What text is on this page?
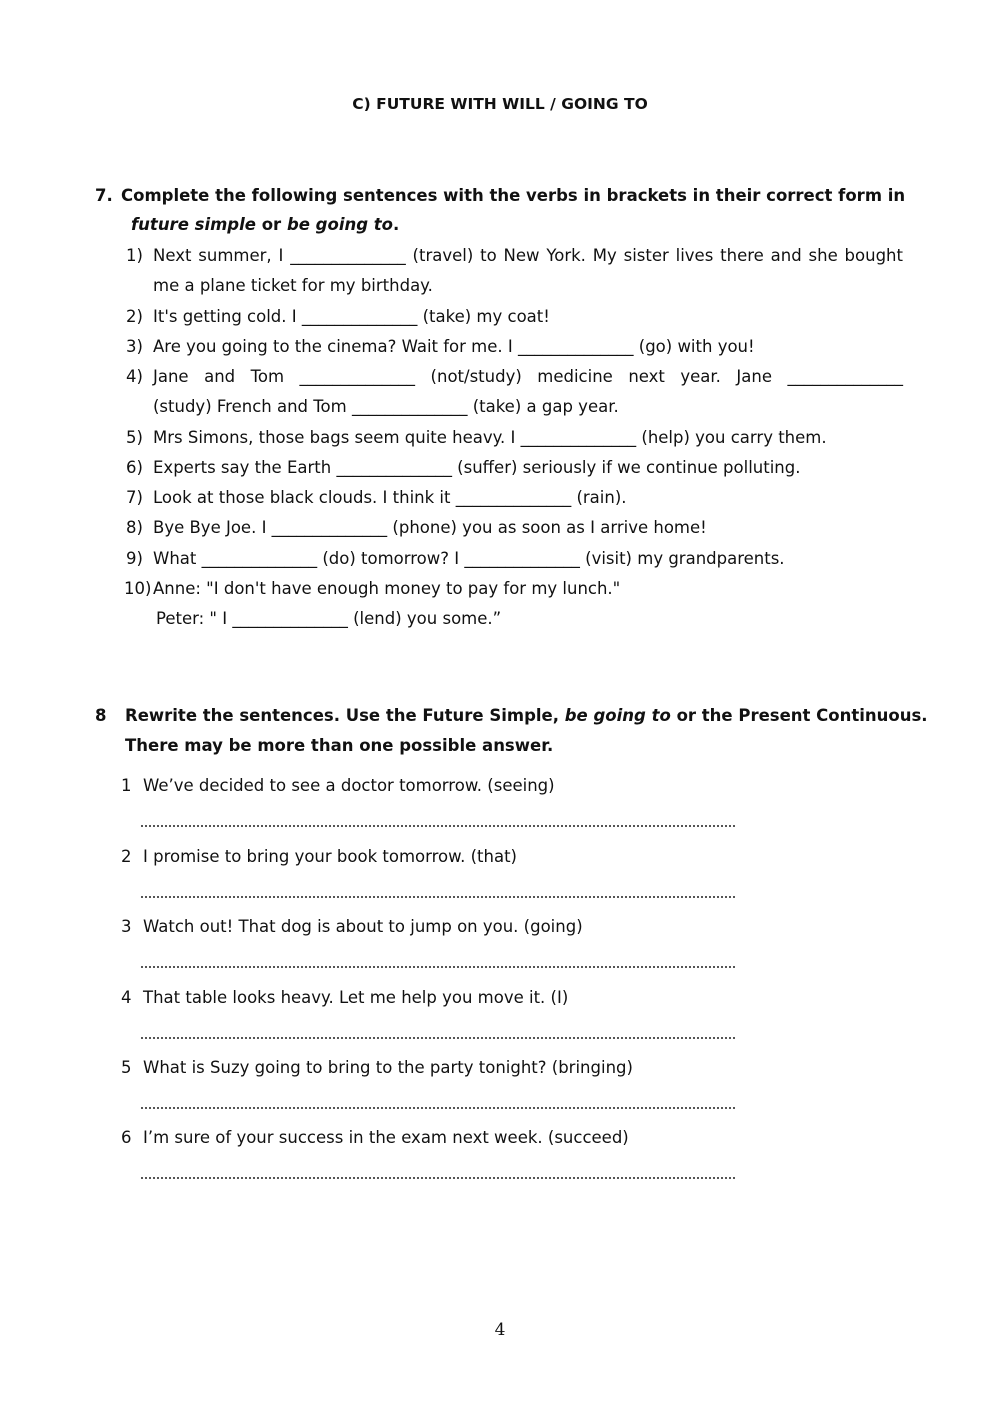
C) FUTURE WITH WILL / GOING TO
7. Complete the following sentences with the verbs in brackets in their correct form in
future simple or be going to.
1) Next summer, I ______________ (travel) to New York. My sister lives there and she bought
me a plane ticket for my birthday.
2) It's getting cold. I ______________ (take) my coat!
3) Are you going to the cinema? Wait for me. I ______________ (go) with you!
4) Jane and Tom ______________ (not/study) medicine next year. Jane ______________
(study) French and Tom ______________ (take) a gap year.
5) Mrs Simons, those bags seem quite heavy. I ______________ (help) you carry them.
6) Experts say the Earth ______________ (suffer) seriously if we continue polluting.
7) Look at those black clouds. I think it ______________ (rain).
8) Bye Bye Joe. I ______________ (phone) you as soon as I arrive home!
9) What ______________ (do) tomorrow? I ______________ (visit) my grandparents.
10) Anne: "I don't have enough money to pay for my lunch."
Peter: " I ______________ (lend) you some.”
8 Rewrite the sentences. Use the Future Simple, be going to or the Present Continuous.
There may be more than one possible answer.
1 We’ve decided to see a doctor tomorrow. (seeing)
2 I promise to bring your book tomorrow. (that)
3 Watch out! That dog is about to jump on you. (going)
4 That table looks heavy. Let me help you move it. (I)
5 What is Suzy going to bring to the party tonight? (bringing)
6 I’m sure of your success in the exam next week. (succeed)
4
